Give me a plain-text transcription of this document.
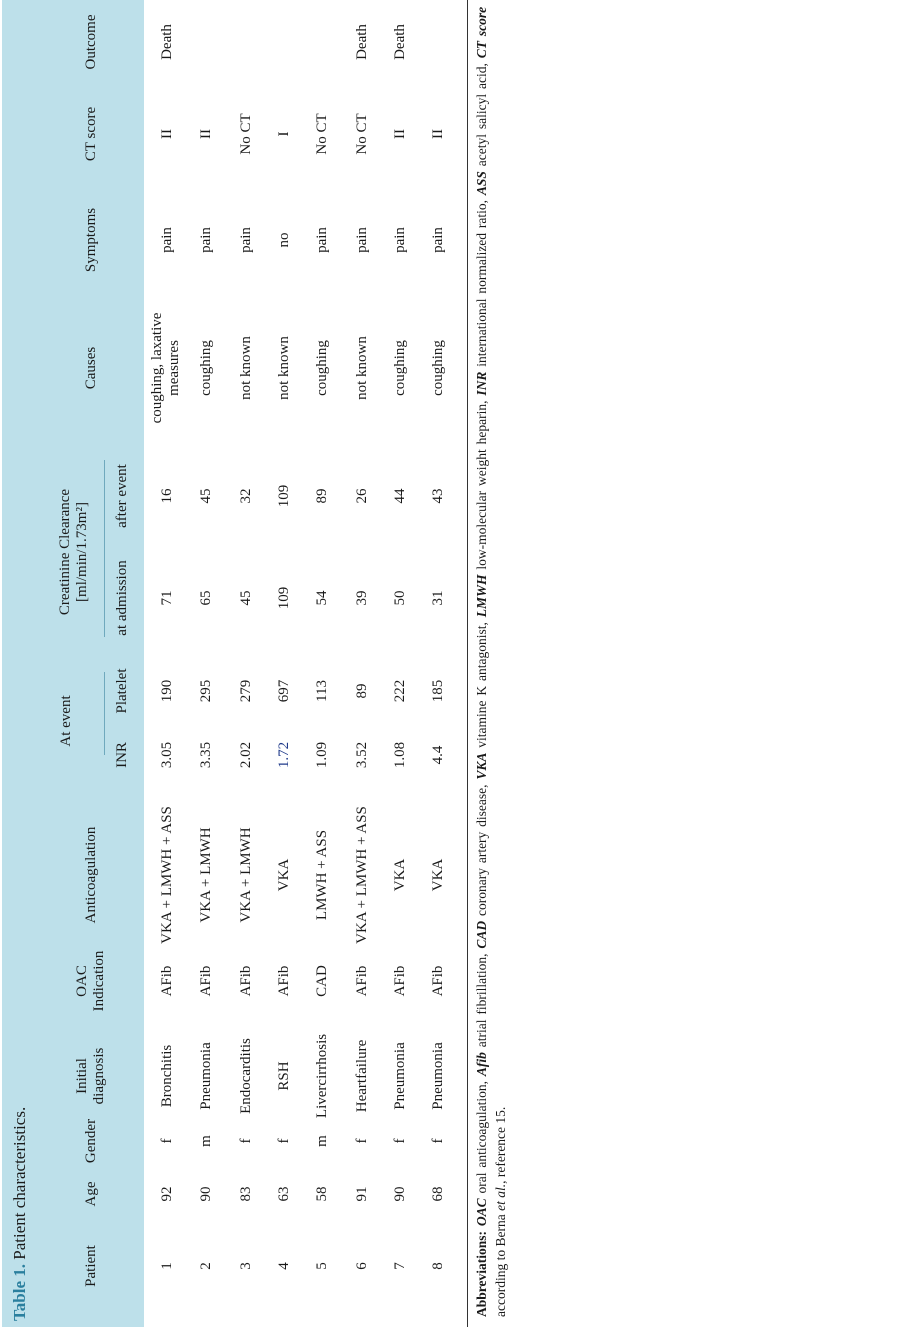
Table 1. Patient characteristics.
Patient
Age
Gender
Initial diagnosis
OAC Indication
Anticoagulation
At event
INR
Platelet
Creatinine Clearance [ml/min/1.73m²] at admission
after event
Causes
Symptoms
CT score
Outcome
1
92
f
Bronchitis
AFib
VKA + LMWH + ASS
3.05
190
71
16
coughing, laxative
pain
II
Death
measures
2
90
m
Pneumonia
AFib
VKA + LMWH
3.35
295
65
45
coughing
pain
II
3
83
f
Endocarditis
AFib
VKA + LMWH
2.02
279
45
32
not known
pain
No CT
4
63
f
RSH
AFib
VKA
1.72
697
109
109
not known
no
I
5
58
m
Livercirrhosis
CAD
LMWH + ASS
1.09
113
54
89
coughing
pain
No CT
6
91
f
Heartfailure
AFib
VKA + LMWH + ASS
3.52
89
39
26
not known
pain
No CT
Death
7
90
f
Pneumonia
AFib
VKA
1.08
222
50
44
coughing
pain
II
Death
8
68
f
Pneumonia
AFib
VKA
4.4
185
31
43
coughing
pain
II
Abbreviations: OAC oral anticoagulation, Afib atrial fibrillation, CAD coronary artery disease, VKA vitamine K antagonist, LMWH low-molecular weight heparin, INR international normalized ratio, ASS acetyl salicyl acid, CT score according to Berna et al., reference 15.
